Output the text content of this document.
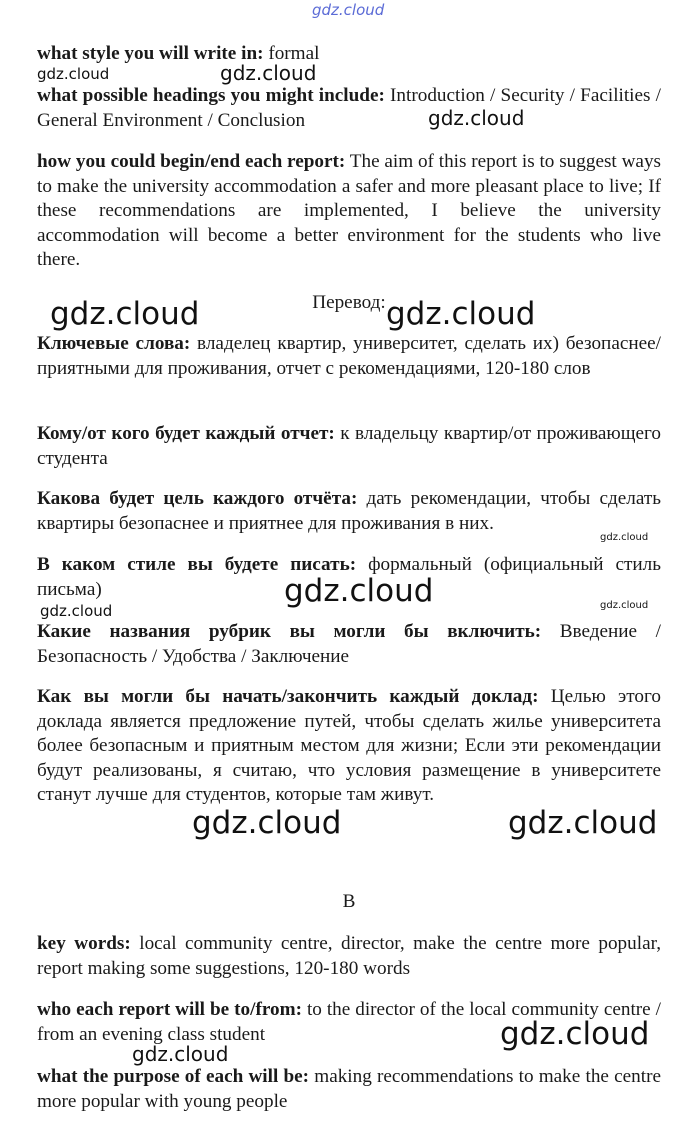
what style you will write in: formal

what possible headings you might include: Introduction / Security / Facilities / General Environment / Conclusion

how you could begin/end each report: The aim of this report is to suggest ways to make the university accommodation a safer and more pleasant place to live; If these recommendations are implemented, I believe the university accommodation will become a better environment for the students who live there.

Перевод:

Ключевые слова: владелец квартир, университет, сделать их) безопаснее/ приятными для проживания, отчет с рекомендациями, 120-180 слов

Кому/от кого будет каждый отчет: к владельцу квартир/от проживающего студента

Какова будет цель каждого отчёта: дать рекомендации, чтобы сделать квартиры безопаснее и приятнее для проживания в них.

В каком стиле вы будете писать: формальный (официальный стиль письма)

Какие названия рубрик вы могли бы включить: Введение / Безопасность / Удобства / Заключение

Как вы могли бы начать/закончить каждый доклад: Целью этого доклада является предложение путей, чтобы сделать жилье университета более безопасным и приятным местом для жизни; Если эти рекомендации будут реализованы, я считаю, что условия размещение в университете станут лучше для студентов, которые там живут.

B

key words: local community centre, director, make the centre more popular, report making some suggestions, 120-180 words

who each report will be to/from: to the director of the local community centre / from an evening class student

what the purpose of each will be: making recommendations to make the centre more popular with young people

gdz.cloud
gdz.cloud	gdz.cloud
gdz.cloud
gdz.cloud	gdz.cloud
gdz.cloud
gdz.cloud	gdz.cloud
gdz.cloud
gdz.cloud	gdz.cloud
gdz.cloud
gdz.cloud
